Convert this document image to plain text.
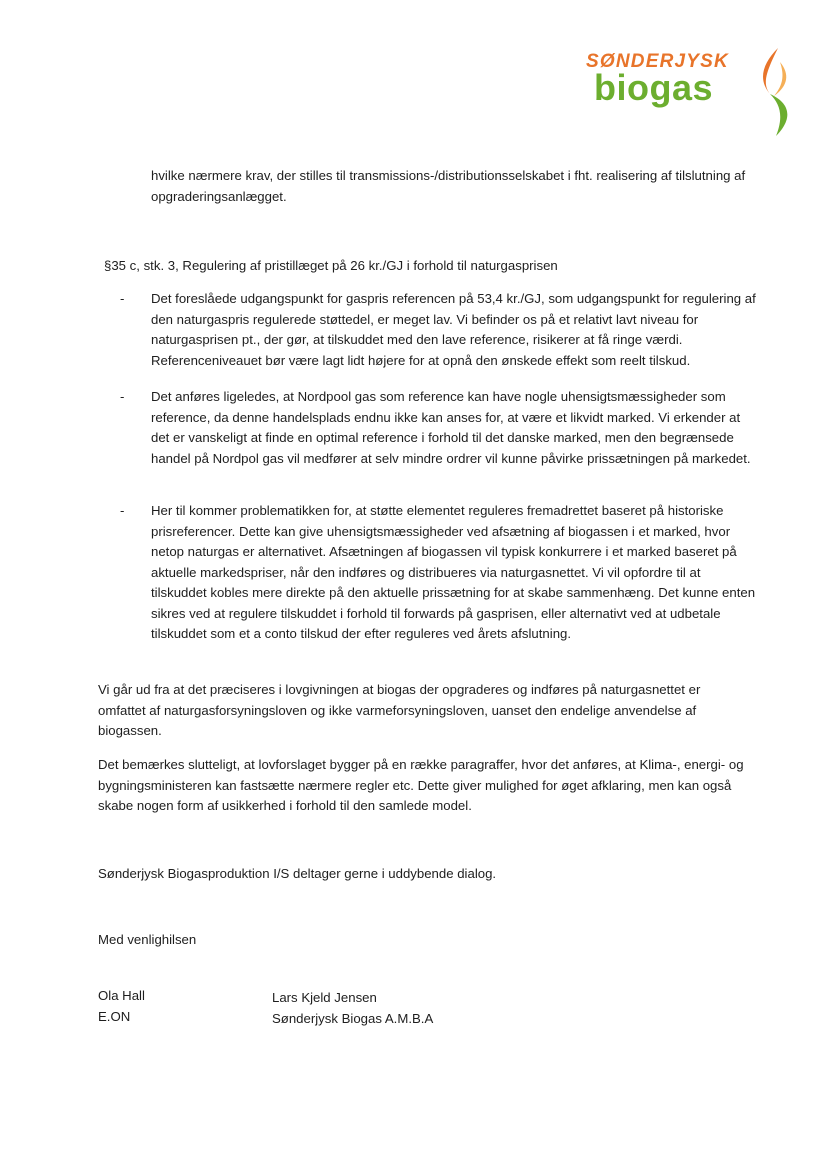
SØNDERJYSK
biogas

hvilke nærmere krav, der stilles til transmissions-/distributionsselskabet i fht. realisering af tilslutning af opgraderingsanlægget.

§35 c, stk. 3, Regulering af pristillæget på 26 kr./GJ i forhold til naturgasprisen

- Det foreslåede udgangspunkt for gaspris referencen på 53,4 kr./GJ, som udgangspunkt for regulering af den naturgaspris regulerede støttedel, er meget lav. Vi befinder os på et relativt lavt niveau for naturgasprisen pt., der gør, at tilskuddet med den lave reference, risikerer at få ringe værdi. Referenceniveauet bør være lagt lidt højere for at opnå den ønskede effekt som reelt tilskud.

- Det anføres ligeledes, at Nordpool gas som reference kan have nogle uhensigtsmæssigheder som reference, da denne handelsplads endnu ikke kan anses for, at være et likvidt marked. Vi erkender at det er vanskeligt at finde en optimal reference i forhold til det danske marked, men den begrænsede handel på Nordpol gas vil medfører at selv mindre ordrer vil kunne påvirke prissætningen på markedet.

- Her til kommer problematikken for, at støtte elementet reguleres fremadrettet baseret på historiske prisreferencer. Dette kan give uhensigtsmæssigheder ved afsætning af biogassen i et marked, hvor netop naturgas er alternativet. Afsætningen af biogassen vil typisk konkurrere i et marked baseret på aktuelle markedspriser, når den indføres og distribueres via naturgasnettet. Vi vil opfordre til at tilskuddet kobles mere direkte på den aktuelle prissætning for at skabe sammenhæng. Det kunne enten sikres ved at regulere tilskuddet i forhold til forwards på gasprisen, eller alternativt ved at udbetale tilskuddet som et a conto tilskud der efter reguleres ved årets afslutning.

Vi går ud fra at det præciseres i lovgivningen at biogas der opgraderes og indføres på naturgasnettet er omfattet af naturgasforsyningsloven og ikke varmeforsyningsloven, uanset den endelige anvendelse af biogassen.

Det bemærkes slutteligt, at lovforslaget bygger på en række paragraffer, hvor det anføres, at Klima-, energi- og bygningsministeren kan fastsætte nærmere regler etc. Dette giver mulighed for øget afklaring, men kan også skabe nogen form af usikkerhed i forhold til den samlede model.

Sønderjysk Biogasproduktion I/S deltager gerne i uddybende dialog.

Med venlighilsen

Ola Hall
E.ON
Lars Kjeld Jensen
Sønderjysk Biogas A.M.B.A
